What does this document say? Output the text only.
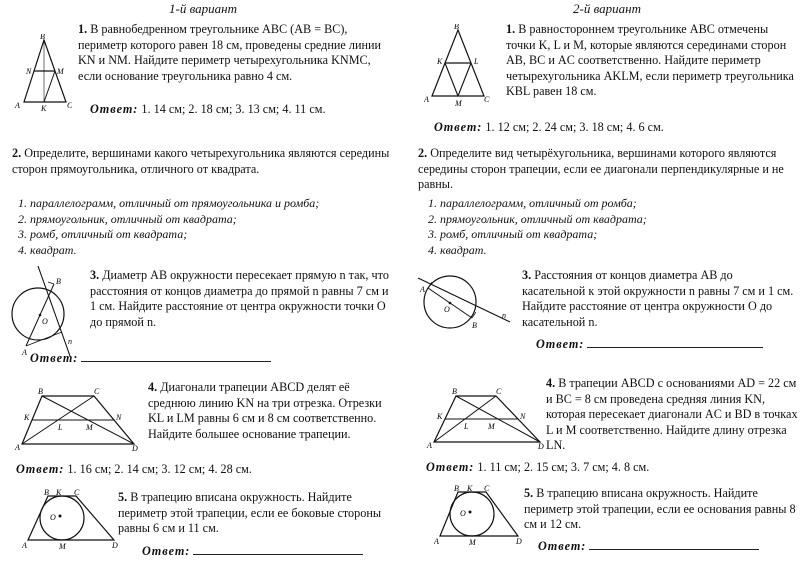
1-й вариант
B
A	C
K
M
N

1. В равнобедренном треугольнике ABC (AB = BC), периметр которого равен 18 см, проведены средние линии KN и NM. Найдите периметр четырехугольника KNMC, если основание треугольника равно 4 см.

Ответ: 1. 14 см; 2. 18 см; 3. 13 см; 4. 11 см.

2. Определите, вершинами какого четырехугольника являются середины сторон прямоугольника, отличного от квадрата.

1. параллелограмм, отличный от прямоугольника и ромба;
2. прямоугольник, отличный от квадрата;
3. ромб, отличный от квадрата;
4. квадрат.
B
A
O
n

3. Диаметр AB окружности пересекает прямую n так, что расстояния от концов диаметра до прямой n равны 7 см и 1 см. Найдите расстояние от центра окружности точки O до прямой n.

Ответ:
B	C
A	D
K	N
L	M

4. Диагонали трапеции ABCD делят её среднюю линию KN на три отрезка. Отрезки KL и LM равны 6 см и 8 см соответственно. Найдите большее основание трапеции.

Ответ: 1. 16 см; 2. 14 см; 3. 12 см; 4. 28 см.
B K C
A	D
M
O

5. В трапецию вписана окружность. Найдите периметр этой трапеции, если ее боковые стороны равны 6 см и 11 см.

Ответ:
2-й вариант
B
A	C
K	L
M

1. В равностороннем треугольнике ABC отмечены точки K, L и M, которые являются серединами сторон AB, BC и AC соответственно. Найдите периметр четырехугольника AKLM, если периметр треугольника KBL равен 18 см.

Ответ: 1. 12 см; 2. 24 см; 3. 18 см; 4. 6 см.

2. Определите вид четырёхугольника, вершинами которого являются середины сторон трапеции, если ее диагонали перпендикулярные и не равны.

1. параллелограмм, отличный от ромба;
2. прямоугольник, отличный от квадрата;
3. ромб, отличный от квадрата;
4. квадрат.
A
B
O
n

3. Расстояния от концов диаметра AB до касательной к этой окружности n равны 7 см и 1 см. Найдите расстояние от центра окружности O до касательной n.

Ответ:
B	C
A	D
K	N
L M

4. В трапеции ABCD с основаниями AD = 22 см и BC = 8 см проведена средняя линия KN, которая пересекает диагонали AC и BD в точках L и M соответственно. Найдите длину отрезка LN.

Ответ: 1. 11 см; 2. 15 см; 3. 7 см; 4. 8 см.
B K C
A	D
M
O

5. В трапецию вписана окружность. Найдите периметр этой трапеции, если ее основания равны 8 см и 12 см.

Ответ:
